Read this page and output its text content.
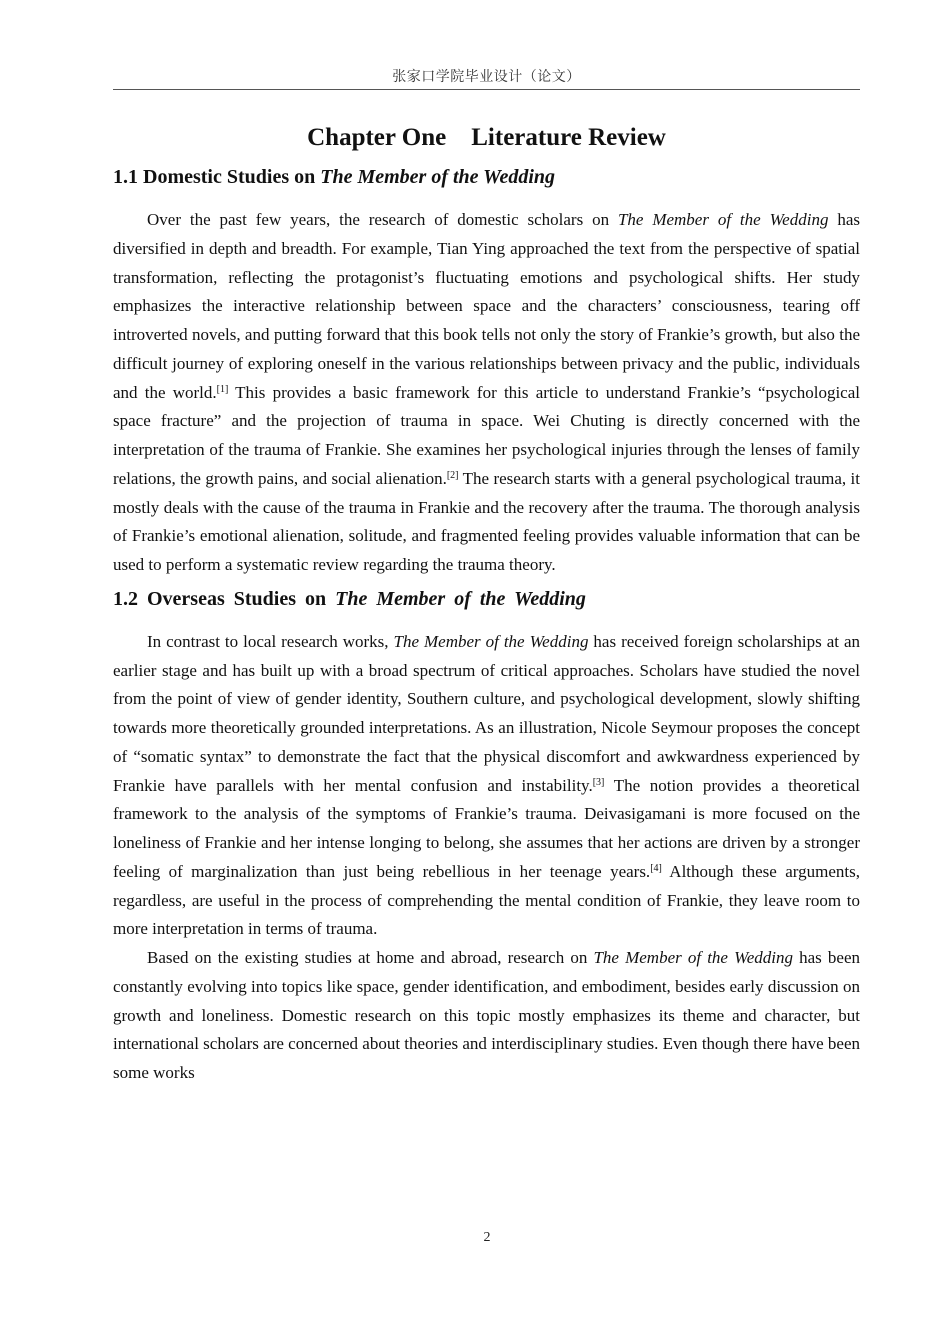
张家口学院毕业设计（论文）
Chapter One　Literature Review
1.1 Domestic Studies on The Member of the Wedding

Over the past few years, the research of domestic scholars on The Member of the Wedding has diversified in depth and breadth. For example, Tian Ying approached the text from the perspective of spatial transformation, reflecting the protagonist’s fluctuating emotions and psychological shifts. Her study emphasizes the interactive relationship between space and the characters’ consciousness, tearing off introverted novels, and putting forward that this book tells not only the story of Frankie’s growth, but also the difficult journey of exploring oneself in the various relationships between privacy and the public, individuals and the world.[1] This provides a basic framework for this article to understand Frankie’s “psychological space fracture” and the projection of trauma in space. Wei Chuting is directly concerned with the interpretation of the trauma of Frankie. She examines her psychological injuries through the lenses of family relations, the growth pains, and social alienation.[2] The research starts with a general psychological trauma, it mostly deals with the cause of the trauma in Frankie and the recovery after the trauma. The thorough analysis of Frankie’s emotional alienation, solitude, and fragmented feeling provides valuable information that can be used to perform a systematic review regarding the trauma theory.

1.2 Overseas Studies on The Member of the Wedding

In contrast to local research works, The Member of the Wedding has received foreign scholarships at an earlier stage and has built up with a broad spectrum of critical approaches. Scholars have studied the novel from the point of view of gender identity, Southern culture, and psychological development, slowly shifting towards more theoretically grounded interpretations. As an illustration, Nicole Seymour proposes the concept of “somatic syntax” to demonstrate the fact that the physical discomfort and awkwardness experienced by Frankie have parallels with her mental confusion and instability.[3] The notion provides a theoretical framework to the analysis of the symptoms of Frankie’s trauma. Deivasigamani is more focused on the loneliness of Frankie and her intense longing to belong, she assumes that her actions are driven by a stronger feeling of marginalization than just being rebellious in her teenage years.[4] Although these arguments, regardless, are useful in the process of comprehending the mental condition of Frankie, they leave room to more interpretation in terms of trauma.

Based on the existing studies at home and abroad, research on The Member of the Wedding has been constantly evolving into topics like space, gender identification, and embodiment, besides early discussion on growth and loneliness. Domestic research on this topic mostly emphasizes its theme and character, but international scholars are concerned about theories and interdisciplinary studies. Even though there have been some works

2
